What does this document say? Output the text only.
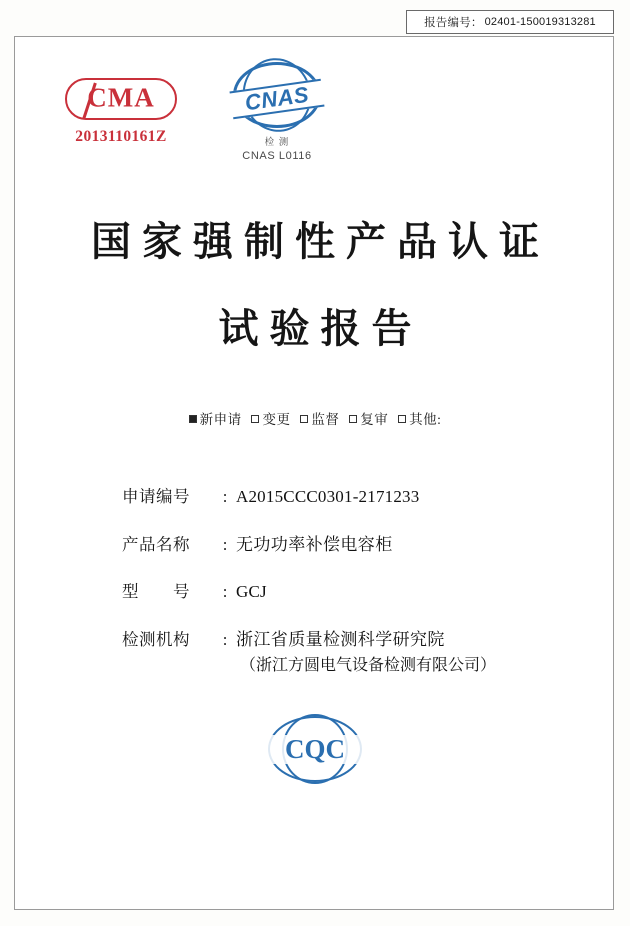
报告编号： 02401-150019313281
CMA
2013110161Z
CNAS
检 测
CNAS L0116
国家强制性产品认证
试验报告
新申请 变更 监督 复审 其他:
申请编号	: A2015CCC0301-2171233
产品名称	: 无功功率补偿电容柜
型　　号	: GCJ
检测机构	: 浙江省质量检测科学研究院
（浙江方圆电气设备检测有限公司）
CQC
